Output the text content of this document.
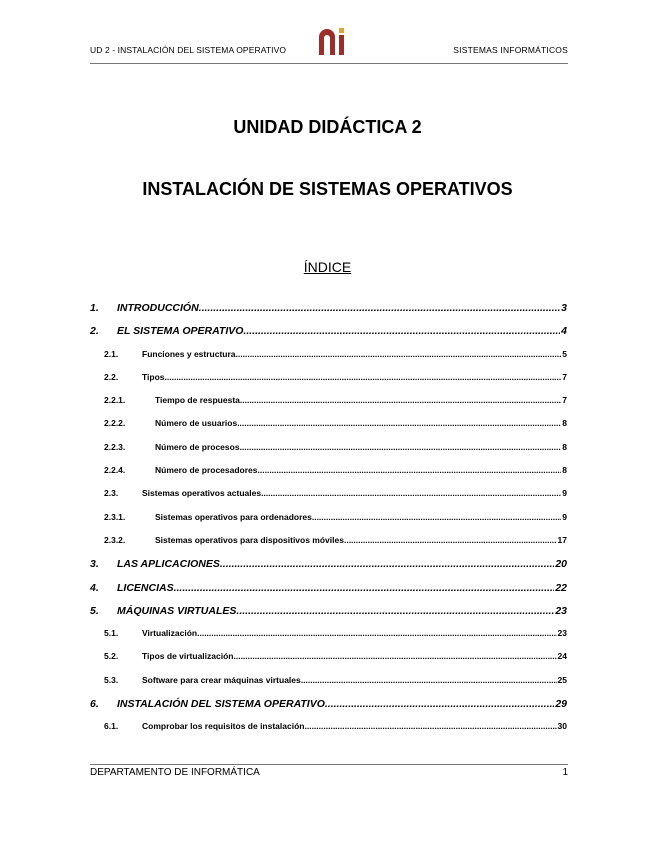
UD 2 - INSTALACIÓN DEL SISTEMA OPERATIVO	SISTEMAS INFORMÁTICOS
UNIDAD DIDÁCTICA 2
INSTALACIÓN DE SISTEMAS OPERATIVOS
ÍNDICE
1.	INTRODUCCIÓN .....	3
2.	EL SISTEMA OPERATIVO .....	4
2.1.	Funciones y estructura .....	5
2.2.	Tipos .....	7
2.2.1.	Tiempo de respuesta .....	7
2.2.2.	Número de usuarios .....	8
2.2.3.	Número de procesos .....	8
2.2.4.	Número de procesadores .....	8
2.3.	Sistemas operativos actuales .....	9
2.3.1.	Sistemas operativos para ordenadores .....	9
2.3.2.	Sistemas operativos para dispositivos móviles .....	17
3.	LAS APLICACIONES .....	20
4.	LICENCIAS .....	22
5.	MÁQUINAS VIRTUALES .....	23
5.1.	Virtualización .....	23
5.2.	Tipos de virtualización .....	24
5.3.	Software para crear máquinas virtuales .....	25
6.	INSTALACIÓN DEL SISTEMA OPERATIVO .....	29
6.1.	Comprobar los requisitos de instalación .....	30
DEPARTAMENTO DE INFORMÁTICA	1
